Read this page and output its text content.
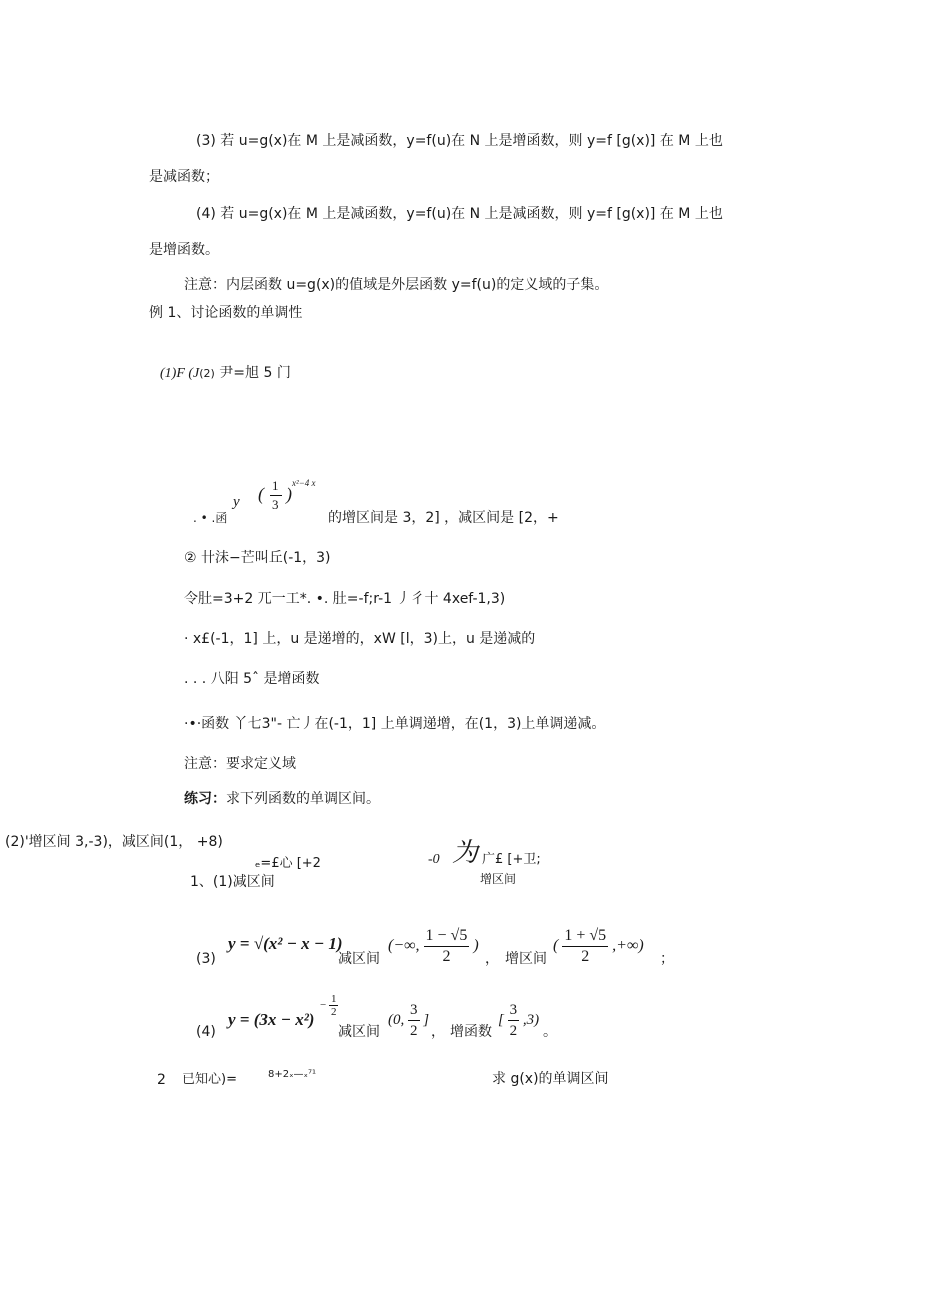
(3) 若 u=g(x)在 M 上是减函数，y=f(u)在 N 上是增函数，则 y=f [g(x)] 在 M 上也
是减函数；
(4) 若 u=g(x)在 M 上是减函数，y=f(u)在 N 上是减函数，则 y=f [g(x)] 在 M 上也
是增函数。
注意：内层函数 u=g(x)的值域是外层函数 y=f(u)的定义域的子集。
例 1、讨论函数的单调性
(1)F (J(2) 尹=旭 5 门
y ( 1
3
)
x²−4 x
. • .函	的增区间是 3，2] ，减区间是 [2，+
② 卄沬−芒叫丘(-1，3)
令肚=3+2 兀一工*. •. 肚=-f;r-1 丿彳十 4xef-1,3)
· x£(-1，1] 上，u 是递增的，xW [l，3)上，u 是递减的
. . . 八阳 5ˆ 是增函数
·•·函数 丫七3"- 亡丿在(-1，1] 上单调递增，在(1，3)上单调递减。
注意：要求定义域
练习：求下列函数的单调区间。
(2)'增区间 3,-3)，减区间(1， +8)
ₑ=£心 [+2	-0 为 广£ [+卫;
增区间
1、(1)减区间
(3)
y = √(x² − x − 1)
减区间
(−∞, $\frac{1 - √5}{2}$ )
， 增区间
( $\frac{1 + √5}{2}$ ,+∞)
；
(4)
y = (3x − x²)
− $\frac{1}{2}$
减区间
(0, $\frac{3}{2}$ ]
， 增函数
[ $\frac{3}{2} ,3$)
。
2 已知心)=	8+2ₓ—ₓ⁷¹	求 g(x)的单调区间
